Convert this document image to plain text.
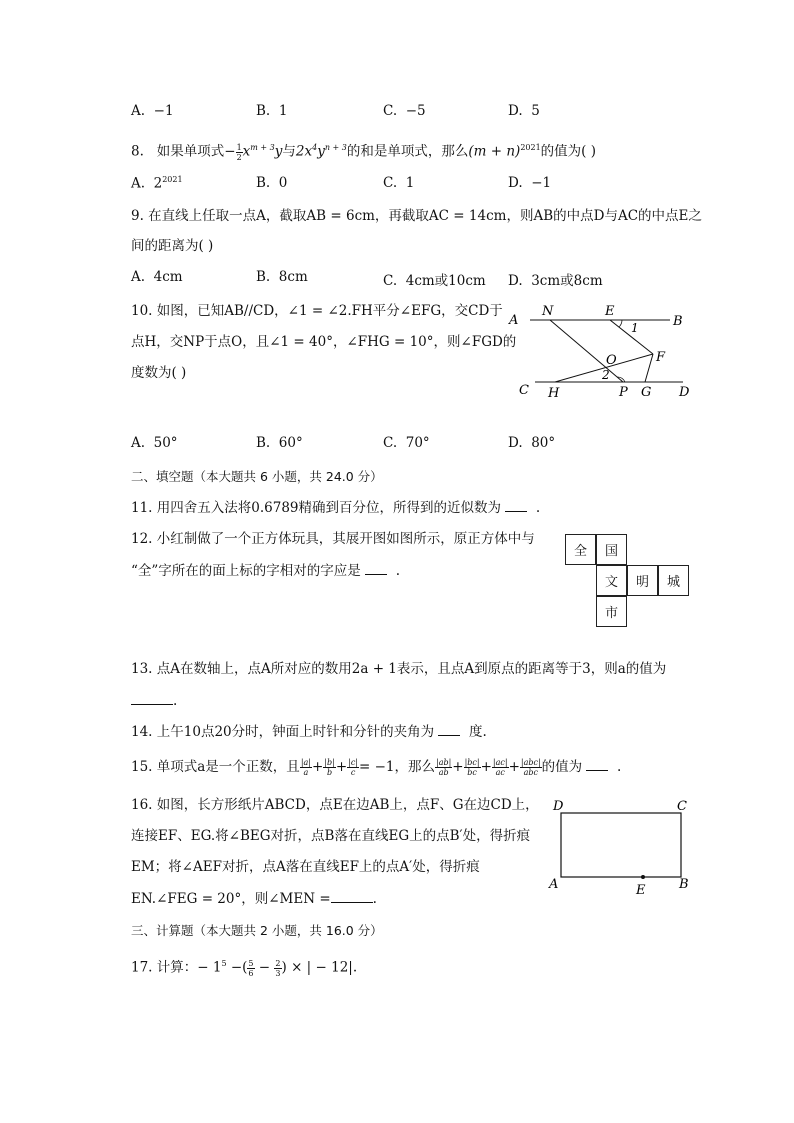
A. −1	B. 1	C. −5	D. 5
8. 如果单项式− $\frac{1}{2} x^{m + 3}y$与$2x^4y^{n + 3}$的和是单项式，那么$(m + n)^{2021}$的值为( )
A.  $2^{2021}$	B.  0	C.  1	D.  −1
9. 在直线上任取一点A，截取AB = 6cm，再截取AC = 14cm，则AB的中点D与AC的中点E之
间的距离为( )
A.  4cm	B.  8cm	C.  4cm或10cm D.  3cm或8cm
10. 如图，已知AB//CD，∠1 = ∠2.FH平分∠EFG，交CD于
点H，交NP于点O，且∠1 = 40°，∠FHG = 10°，则∠FGD的
度数为( )
A
N	E
B
1
O	F
2
C H	P G D
A.  50°	B.  60°	C.  70°	D.  80°
二、填空题（本大题共 6 小题，共 24.0 分）
11. 用四舍五入法将0.6789精确到百分位，所得到的近似数为	.
12. 小红制做了一个正方体玩具，其展开图如图所示，原正方体中与
“全”字所在的面上标的字相对的字应是	.
全	国
文	明	城
市
13. 点A在数轴上，点A所对应的数用2a + 1表示，且点A到原点的距离等于3，则a的值为
.
14. 上午10点20分时，钟面上时针和分针的夹角为	度.
15. 单项式a是一个正数，且 $\frac{|a|}{a} + \frac{|b|}{b} + \frac{|c|}{c} = -1$，那么 $\frac{|ab|}{ab} + \frac{|bc|}{bc} + \frac{|ac|}{ac} + \frac{\text{|abc|}}{\text{abc}}$ 的值为	.
16. 如图，长方形纸片ABCD，点E在边AB上，点F、G在边CD上，
连接EF、EG.将∠BEG对折，点B落在直线EG上的点B′处，得折痕
EM；将∠AEF对折，点A落在直线EF上的点A′处，得折痕
EN.∠FEG = 20°，则∠MEN =	.
D	C
A	B
E
三、计算题（本大题共 2 小题，共 16.0 分）
17. 计算：− $1^5$ −( $\frac{5}{6} - \frac{2}{3}$ ) × | − 12|.
